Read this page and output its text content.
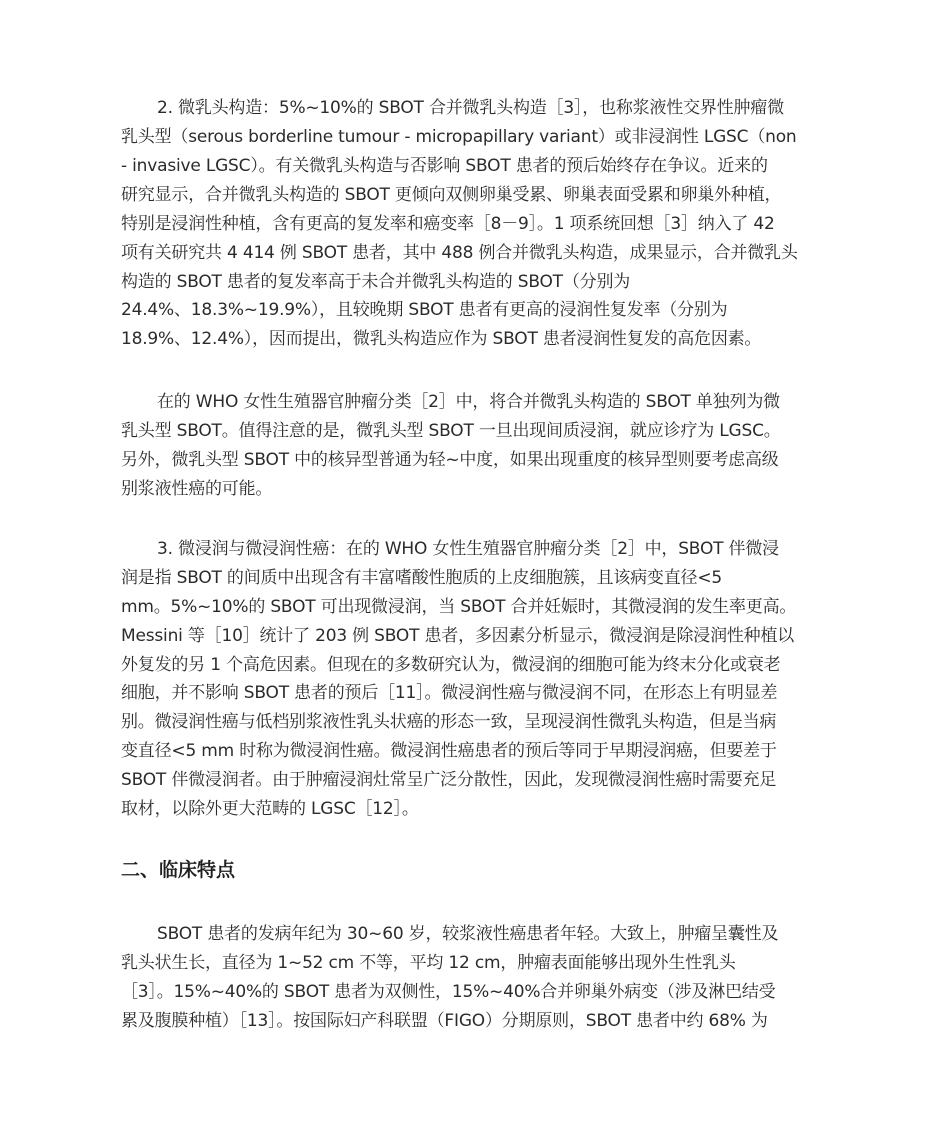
2. 微乳头构造：5%~10%的 SBOT 合并微乳头构造［3］，也称浆液性交界性肿瘤微
乳头型（serous borderline tumour - micropapillary variant）或非浸润性 LGSC（non
- invasive LGSC）。有关微乳头构造与否影响 SBOT 患者的预后始终存在争议。近来的
研究显示，合并微乳头构造的 SBOT 更倾向双侧卵巢受累、卵巢表面受累和卵巢外种植，
特别是浸润性种植，含有更高的复发率和癌变率［8－9］。1 项系统回想［3］纳入了 42
项有关研究共 4 414 例 SBOT 患者，其中 488 例合并微乳头构造，成果显示，合并微乳头
构造的 SBOT 患者的复发率高于未合并微乳头构造的 SBOT（分别为
24.4%、18.3%~19.9%），且较晚期 SBOT 患者有更高的浸润性复发率（分别为
18.9%、12.4%），因而提出，微乳头构造应作为 SBOT 患者浸润性复发的高危因素。
在的 WHO 女性生殖器官肿瘤分类［2］中，将合并微乳头构造的 SBOT 单独列为微
乳头型 SBOT。值得注意的是，微乳头型 SBOT 一旦出现间质浸润，就应诊疗为 LGSC。
另外，微乳头型 SBOT 中的核异型普通为轻~中度，如果出现重度的核异型则要考虑高级
别浆液性癌的可能。
3. 微浸润与微浸润性癌：在的 WHO 女性生殖器官肿瘤分类［2］中，SBOT 伴微浸
润是指 SBOT 的间质中出现含有丰富嗜酸性胞质的上皮细胞簇，且该病变直径<5
mm。5%~10%的 SBOT 可出现微浸润，当 SBOT 合并妊娠时，其微浸润的发生率更高。
Messini 等［10］统计了 203 例 SBOT 患者，多因素分析显示，微浸润是除浸润性种植以
外复发的另 1 个高危因素。但现在的多数研究认为，微浸润的细胞可能为终末分化或衰老
细胞，并不影响 SBOT 患者的预后［11］。微浸润性癌与微浸润不同，在形态上有明显差
别。微浸润性癌与低档别浆液性乳头状癌的形态一致，呈现浸润性微乳头构造，但是当病
变直径<5 mm 时称为微浸润性癌。微浸润性癌患者的预后等同于早期浸润癌，但要差于
SBOT 伴微浸润者。由于肿瘤浸润灶常呈广泛分散性，因此，发现微浸润性癌时需要充足
取材，以除外更大范畴的 LGSC［12］。
二、临床特点
SBOT 患者的发病年纪为 30~60 岁，较浆液性癌患者年轻。大致上，肿瘤呈囊性及
乳头状生长，直径为 1~52 cm 不等，平均 12 cm，肿瘤表面能够出现外生性乳头
［3］。15%~40%的 SBOT 患者为双侧性，15%~40%合并卵巢外病变（涉及淋巴结受
累及腹膜种植）［13］。按国际妇产科联盟（FIGO）分期原则，SBOT 患者中约 68% 为
